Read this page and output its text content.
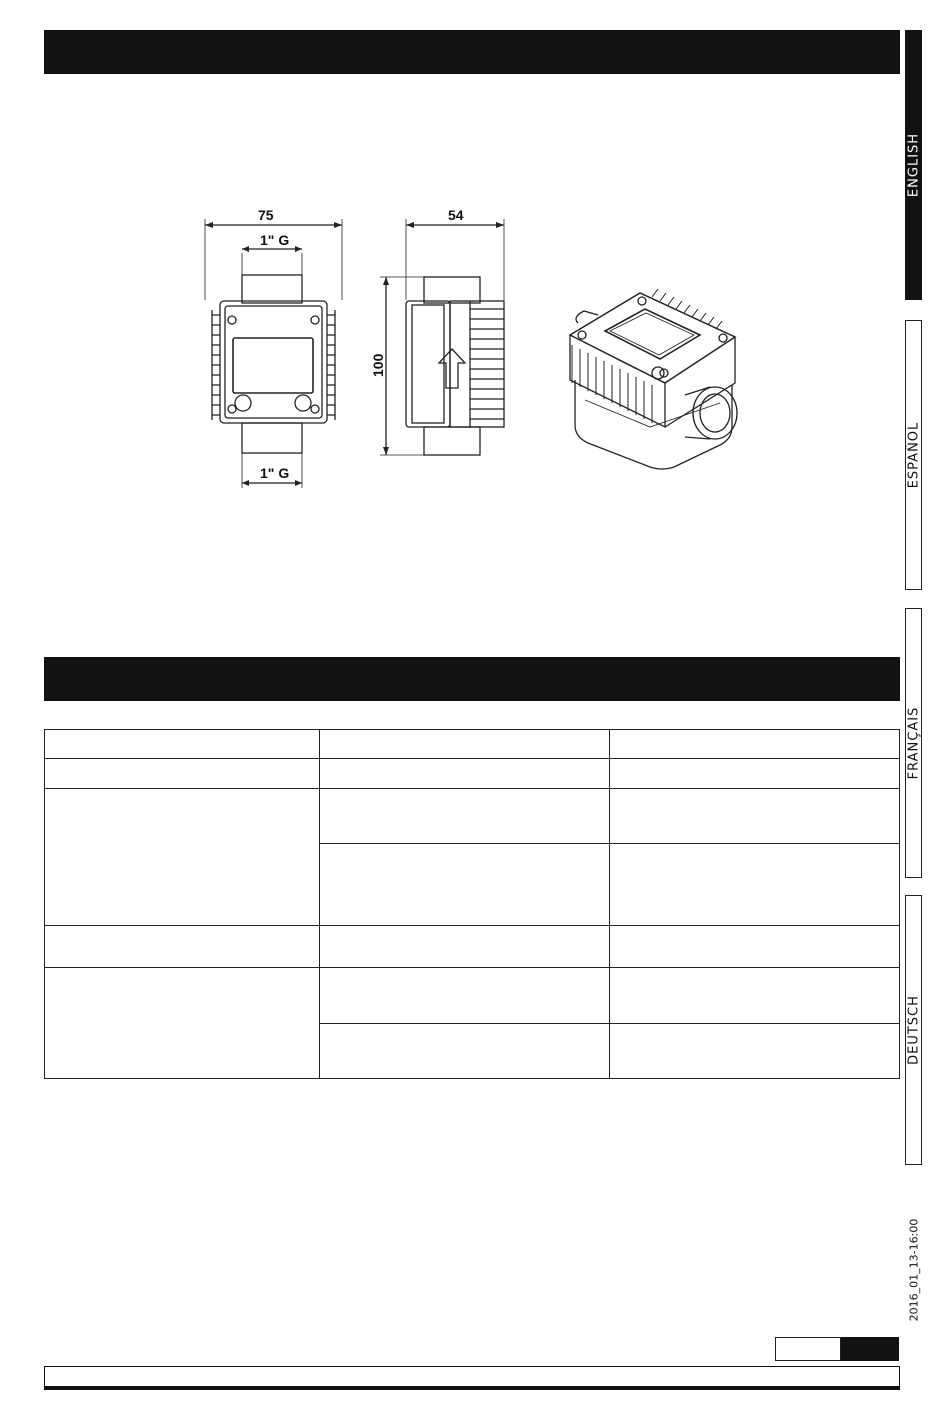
ENGLISH
ESPAÑOL
FRANÇAIS
DEUTSCH
2016_01_13-16:00
75
1" G
1" G
54
100
